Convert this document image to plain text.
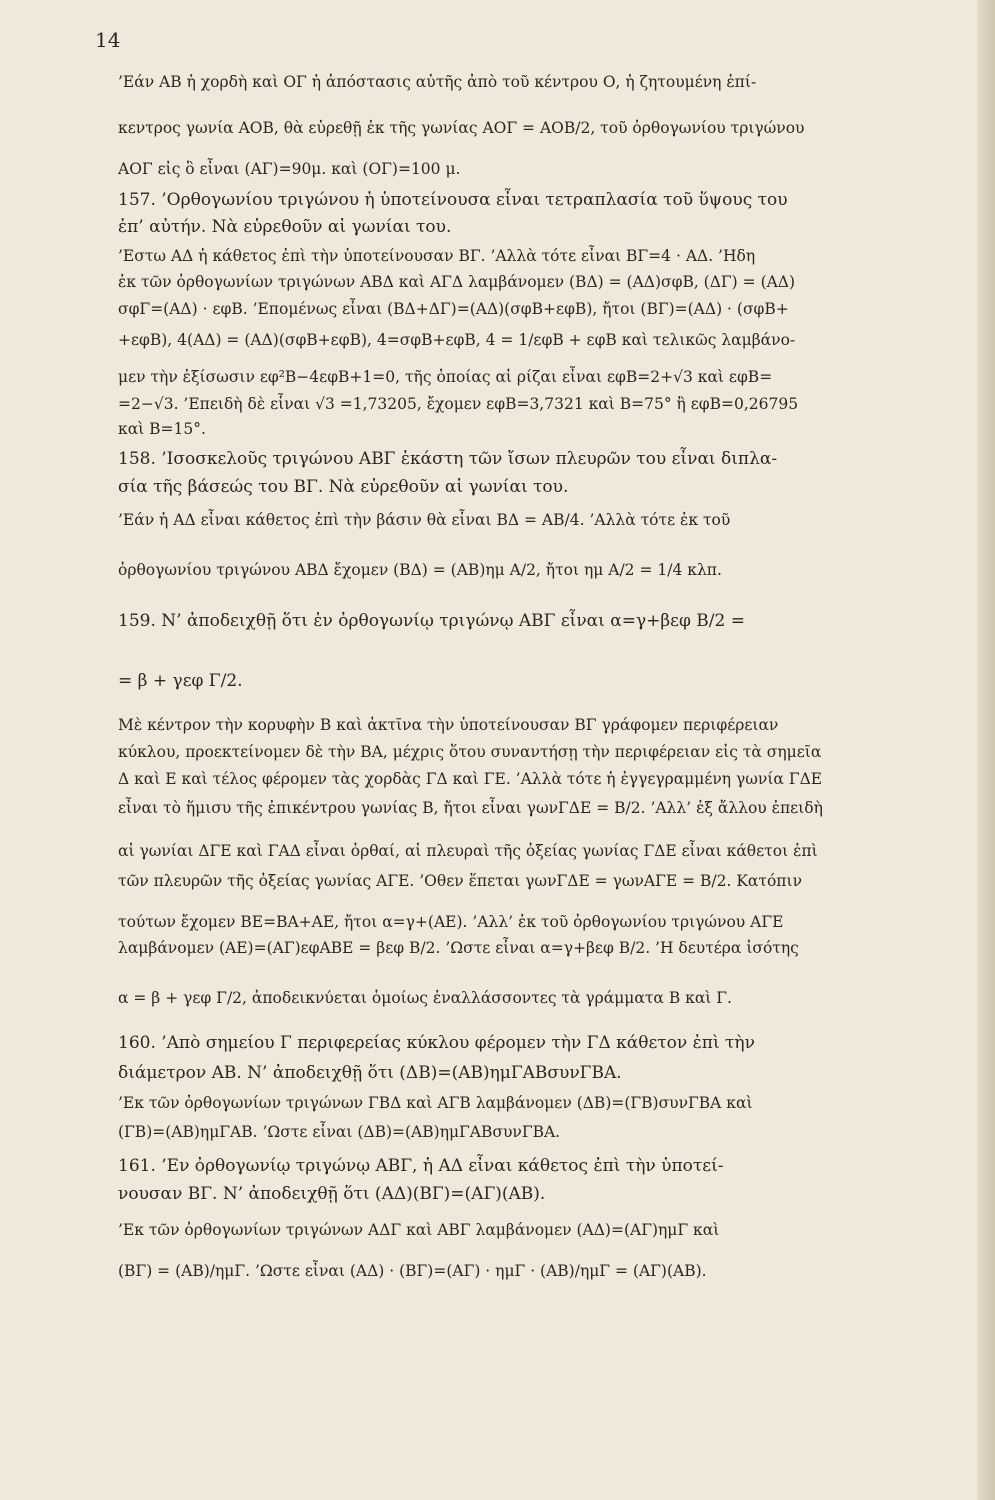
14

’Εάν ΑΒ ἡ χορδὴ καὶ ΟΓ ἡ ἀπόστασις αὐτῆς ἀπὸ τοῦ κέντρου Ο, ἡ ζητουμένη ἐπί-

κεντρος γωνία ΑΟΒ, θὰ εὑρεθῇ ἐκ τῆς γωνίας ΑΟΓ = ΑΟΒ/2, τοῦ ὀρθογωνίου τριγώνου

ΑΟΓ εἰς ὃ εἶναι (ΑΓ)=90μ. καὶ (ΟΓ)=100 μ.

157. ’Ορθογωνίου τριγώνου ἡ ὑποτείνουσα εἶναι τετραπλασία τοῦ ὕψους του

ἐπ’ αὐτήν. Νὰ εὑρεθοῦν αἱ γωνίαι του.

’Εστω ΑΔ ἡ κάθετος ἐπὶ τὴν ὑποτείνουσαν ΒΓ. ’Αλλὰ τότε εἶναι ΒΓ=4 · ΑΔ. ’Ηδη

ἐκ τῶν ὀρθογωνίων τριγώνων ΑΒΔ καὶ ΑΓΔ λαμβάνομεν (ΒΔ) = (ΑΔ)σφΒ, (ΔΓ) = (ΑΔ)

σφΓ=(ΑΔ) · εφΒ. ’Επομένως εἶναι (ΒΔ+ΔΓ)=(ΑΔ)(σφΒ+εφΒ), ἤτοι (ΒΓ)=(ΑΔ) · (σφΒ+

+εφΒ), 4(ΑΔ) = (ΑΔ)(σφΒ+εφΒ), 4=σφΒ+εφΒ, 4 = 1/εφΒ + εφΒ καὶ τελικῶς λαμβάνο-

μεν τὴν ἐξίσωσιν εφ²Β−4εφΒ+1=0, τῆς ὁποίας αἱ ρίζαι εἶναι εφΒ=2+√3 καὶ εφΒ=

=2−√3. ’Επειδὴ δὲ εἶναι √3 =1,73205, ἔχομεν εφΒ=3,7321 καὶ Β=75° ἢ εφΒ=0,26795

καὶ Β=15°.

158. ’Ισοσκελοῦς τριγώνου ΑΒΓ ἑκάστη τῶν ἴσων πλευρῶν του εἶναι διπλα-

σία τῆς βάσεώς του ΒΓ. Νὰ εὑρεθοῦν αἱ γωνίαι του.

’Εάν ἡ ΑΔ εἶναι κάθετος ἐπὶ τὴν βάσιν θὰ εἶναι ΒΔ = ΑΒ/4. ’Αλλὰ τότε ἐκ τοῦ

ὀρθογωνίου τριγώνου ΑΒΔ ἔχομεν (ΒΔ) = (ΑΒ)ημ Α/2, ἤτοι ημ Α/2 = 1/4 κλπ.

159. Ν’ ἀποδειχθῇ ὅτι ἐν ὀρθογωνίῳ τριγώνῳ ΑΒΓ εἶναι α=γ+βεφ Β/2 =

= β + γεφ Γ/2.

Μὲ κέντρον τὴν κορυφὴν Β καὶ ἀκτῖνα τὴν ὑποτείνουσαν ΒΓ γράφομεν περιφέρειαν

κύκλου, προεκτείνομεν δὲ τὴν ΒΑ, μέχρις ὅτου συναντήσῃ τὴν περιφέρειαν εἰς τὰ σημεῖα

Δ καὶ Ε καὶ τέλος φέρομεν τὰς χορδὰς ΓΔ καὶ ΓΕ. ’Αλλὰ τότε ἡ ἐγγεγραμμένη γωνία ΓΔΕ

εἶναι τὸ ἥμισυ τῆς ἐπικέντρου γωνίας Β, ἤτοι εἶναι γωνΓΔΕ = Β/2. ’Αλλ’ ἐξ ἄλλου ἐπειδὴ

αἱ γωνίαι ΔΓΕ καὶ ΓΑΔ εἶναι ὀρθαί, αἱ πλευραὶ τῆς ὀξείας γωνίας ΓΔΕ εἶναι κάθετοι ἐπὶ

τῶν πλευρῶν τῆς ὀξείας γωνίας ΑΓΕ. ’Οθεν ἕπεται γωνΓΔΕ = γωνΑΓΕ = Β/2. Κατόπιν

τούτων ἔχομεν ΒΕ=ΒΑ+ΑΕ, ἤτοι α=γ+(ΑΕ). ’Αλλ’ ἐκ τοῦ ὀρθογωνίου τριγώνου ΑΓΕ

λαμβάνομεν (ΑΕ)=(ΑΓ)εφΑΒΕ = βεφ Β/2. ’Ωστε εἶναι α=γ+βεφ Β/2. ’Η δευτέρα ἰσότης

α = β + γεφ Γ/2, ἀποδεικνύεται ὁμοίως ἐναλλάσσοντες τὰ γράμματα Β καὶ Γ.

160. ’Απὸ σημείου Γ περιφερείας κύκλου φέρομεν τὴν ΓΔ κάθετον ἐπὶ τὴν

διάμετρον ΑΒ. Ν’ ἀποδειχθῇ ὅτι (ΔΒ)=(ΑΒ)ημΓΑΒσυνΓΒΑ.

’Εκ τῶν ὀρθογωνίων τριγώνων ΓΒΔ καὶ ΑΓΒ λαμβάνομεν (ΔΒ)=(ΓΒ)συνΓΒΑ καὶ

(ΓΒ)=(ΑΒ)ημΓΑΒ. ’Ωστε εἶναι (ΔΒ)=(ΑΒ)ημΓΑΒσυνΓΒΑ.

161. ’Εν ὀρθογωνίῳ τριγώνῳ ΑΒΓ, ἡ ΑΔ εἶναι κάθετος ἐπὶ τὴν ὑποτεί-

νουσαν ΒΓ. Ν’ ἀποδειχθῇ ὅτι (ΑΔ)(ΒΓ)=(ΑΓ)(ΑΒ).

’Εκ τῶν ὀρθογωνίων τριγώνων ΑΔΓ καὶ ΑΒΓ λαμβάνομεν (ΑΔ)=(ΑΓ)ημΓ καὶ

(ΒΓ) = (ΑΒ)/ημΓ. ’Ωστε εἶναι (ΑΔ) · (ΒΓ)=(ΑΓ) · ημΓ · (ΑΒ)/ημΓ = (ΑΓ)(ΑΒ).
